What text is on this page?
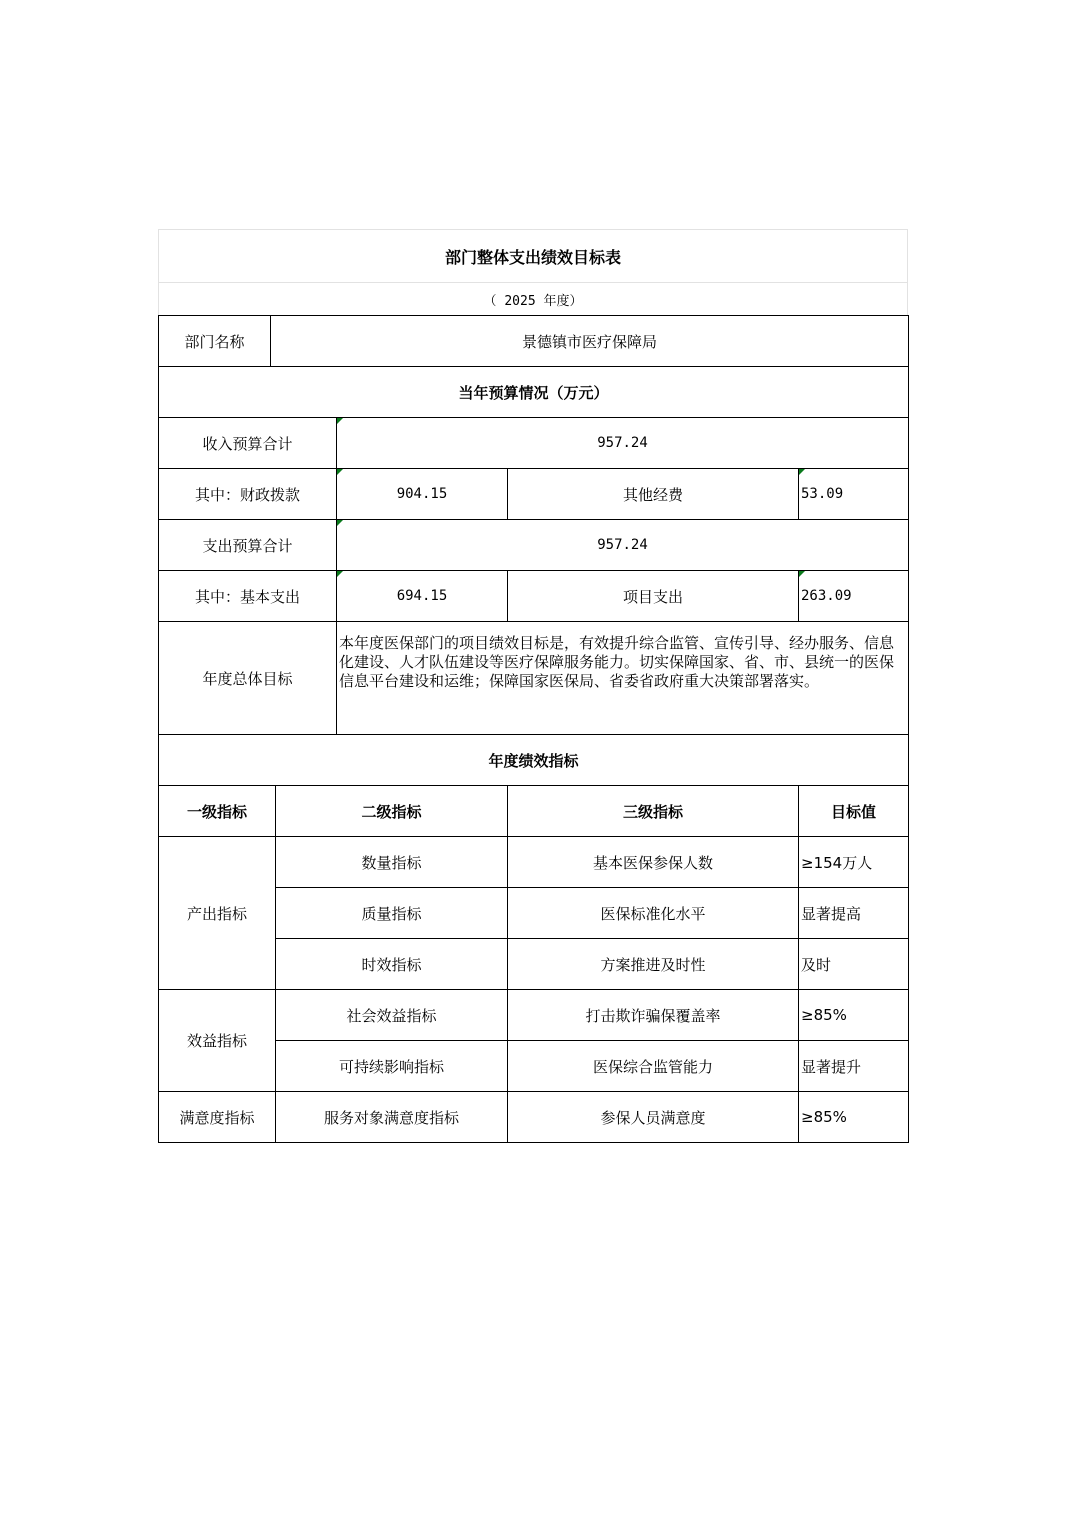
部门整体支出绩效目标表
（ 2025 年度）
部门名称	景德镇市医疗保障局				
当年预算情况（万元）					
收入预算合计			957.24		
其中：财政拨款			904.15	其他经费	53.09
支出预算合计			957.24		
其中：基本支出			694.15	项目支出	263.09
年度总体目标			本年度医保部门的项目绩效目标是，有效提升综合监管、宣传引导、经办服务、信息化建设、人才队伍建设等医疗保障服务能力。切实保障国家、省、市、县统一的医保信息平台建设和运维；保障国家医保局、省委省政府重大决策部署落实。		
年度绩效指标					
一级指标		二级指标		三级指标	目标值
产出指标		数量指标		基本医保参保人数	≥154万人
		质量指标		医保标准化水平	显著提高
		时效指标		方案推进及时性	及时
效益指标		社会效益指标		打击欺诈骗保覆盖率	≥85%
		可持续影响指标		医保综合监管能力	显著提升
满意度指标		服务对象满意度指标		参保人员满意度	≥85%
